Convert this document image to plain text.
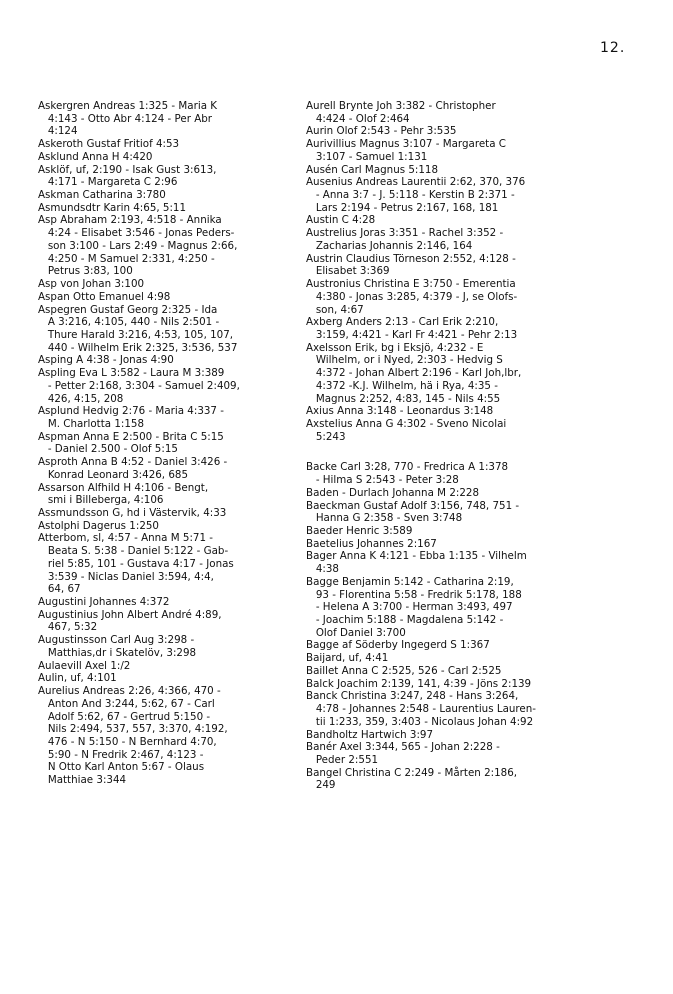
12.
Askergren Andreas 1:325 - Maria K
4:143 - Otto Abr 4:124 - Per Abr
4:124
Askeroth Gustaf Fritiof 4:53
Asklund Anna H 4:420
Asklöf, uf, 2:190 - Isak Gust 3:613,
4:171 - Margareta C 2:96
Askman Catharina 3:780
Asmundsdtr Karin 4:65, 5:11
Asp Abraham 2:193, 4:518 - Annika
4:24 - Elisabet 3:546 - Jonas Peders-
son 3:100 - Lars 2:49 - Magnus 2:66,
4:250 - M Samuel 2:331, 4:250 -
Petrus 3:83, 100
Asp von Johan 3:100
Aspan Otto Emanuel 4:98
Aspegren Gustaf Georg 2:325 - Ida
A 3:216, 4:105, 440 - Nils 2:501 -
Thure Harald 3:216, 4:53, 105, 107,
440 - Wilhelm Erik 2:325, 3:536, 537
Asping A 4:38 - Jonas 4:90
Aspling Eva L 3:582 - Laura M 3:389
- Petter 2:168, 3:304 - Samuel 2:409,
426, 4:15, 208
Asplund Hedvig 2:76 - Maria 4:337 -
M. Charlotta 1:158
Aspman Anna E 2:500 - Brita C 5:15
- Daniel 2.500 - Olof 5:15
Asproth Anna B 4:52 - Daniel 3:426 -
Konrad Leonard 3:426, 685
Assarson Alfhild H 4:106 - Bengt,
smi i Billeberga, 4:106
Assmundsson G, hd i Västervik, 4:33
Astolphi Dagerus 1:250
Atterbom, sl, 4:57 - Anna M 5:71 -
Beata S. 5:38 - Daniel 5:122 - Gab-
riel 5:85, 101 - Gustava 4:17 - Jonas
3:539 - Niclas Daniel 3:594, 4:4,
64, 67
Augustini Johannes 4:372
Augustinius John Albert André 4:89,
467, 5:32
Augustinsson Carl Aug 3:298 -
Matthias,dr i Skatelöv, 3:298
Aulaevill Axel 1:/2
Aulin, uf, 4:101
Aurelius Andreas 2:26, 4:366, 470 -
Anton And 3:244, 5:62, 67 - Carl
Adolf 5:62, 67 - Gertrud 5:150 -
Nils 2:494, 537, 557, 3:370, 4:192,
476 - N 5:150 - N Bernhard 4:70,
5:90 - N Fredrik 2:467, 4:123 -
N Otto Karl Anton 5:67 - Olaus
Matthiae 3:344
Aurell Brynte Joh 3:382 - Christopher
4:424 - Olof 2:464
Aurin Olof 2:543 - Pehr 3:535
Aurivillius Magnus 3:107 - Margareta C
3:107 - Samuel 1:131
Ausén Carl Magnus 5:118
Ausenius Andreas Laurentii 2:62, 370, 376
- Anna 3:7 - J. 5:118 - Kerstin B 2:371 -
Lars 2:194 - Petrus 2:167, 168, 181
Austin C 4:28
Austrelius Joras 3:351 - Rachel 3:352 -
Zacharias Johannis 2:146, 164
Austrin Claudius Törneson 2:552, 4:128 -
Elisabet 3:369
Austronius Christina E 3:750 - Emerentia
4:380 - Jonas 3:285, 4:379 - J, se Olofs-
son, 4:67
Axberg Anders 2:13 - Carl Erik 2:210,
3:159, 4:421 - Karl Fr 4:421 - Pehr 2:13
Axelsson Erik, bg i Eksjö, 4:232 - E
Wilhelm, or i Nyed, 2:303 - Hedvig S
4:372 - Johan Albert 2:196 - Karl Joh,lbr,
4:372 -K.J. Wilhelm, hä i Rya, 4:35 -
Magnus 2:252, 4:83, 145 - Nils 4:55
Axius Anna 3:148 - Leonardus 3:148
Axstelius Anna G 4:302 - Sveno Nicolai
5:243
Backe Carl 3:28, 770 - Fredrica A 1:378
- Hilma S 2:543 - Peter 3:28
Baden - Durlach Johanna M 2:228
Baeckman Gustaf Adolf 3:156, 748, 751 -
Hanna G 2:358 - Sven 3:748
Baeder Henric 3:589
Baetelius Johannes 2:167
Bager Anna K 4:121 - Ebba 1:135 - Vilhelm
4:38
Bagge Benjamin 5:142 - Catharina 2:19,
93 - Florentina 5:58 - Fredrik 5:178, 188
- Helena A 3:700 - Herman 3:493, 497
- Joachim 5:188 - Magdalena 5:142 -
Olof Daniel 3:700
Bagge af Söderby Ingegerd S 1:367
Baijard, uf, 4:41
Baillet Anna C 2:525, 526 - Carl 2:525
Balck Joachim 2:139, 141, 4:39 - Jöns 2:139
Banck Christina 3:247, 248 - Hans 3:264,
4:78 - Johannes 2:548 - Laurentius Lauren-
tii 1:233, 359, 3:403 - Nicolaus Johan 4:92
Bandholtz Hartwich 3:97
Banér Axel 3:344, 565 - Johan 2:228 -
Peder 2:551
Bangel Christina C 2:249 - Mårten 2:186,
249
